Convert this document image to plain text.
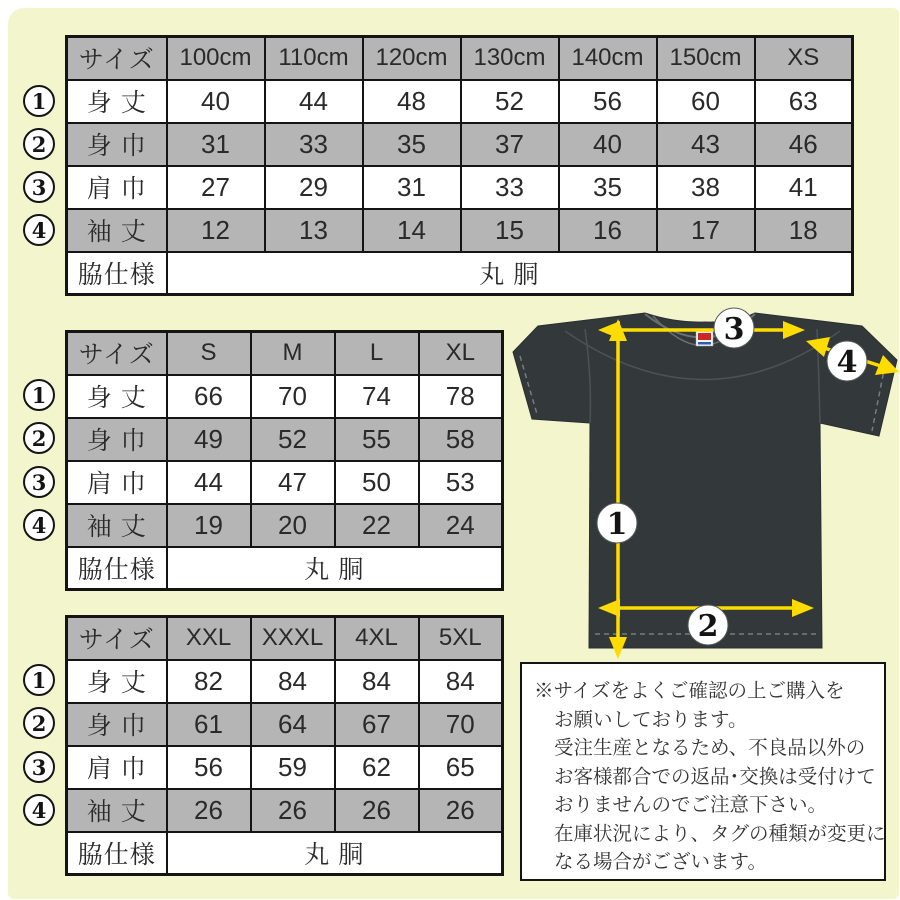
サイズ	100cm	110cm	120cm	130cm	140cm	150cm	XS
身 丈	40	44	48	52	56	60	63
身 巾	31	33	35	37	40	43	46
肩 巾	27	29	31	33	35	38	41
袖 丈	12	13	14	15	16	17	18
脇仕様	丸 胴						
サイズ	S	M	L	XL
身 丈	66	70	74	78
身 巾	49	52	55	58
肩 巾	44	47	50	53
袖 丈	19	20	22	24
脇仕様	丸 胴			
サイズ	XXL	XXXL	4XL	5XL
身 丈	82	84	84	84
身 巾	61	64	67	70
肩 巾	56	59	62	65
袖 丈	26	26	26	26
脇仕様	丸 胴			
1
2
3
4
1
2
3
4
1
2
3
4
1
2
3
4
※サイズをよくご確認の上ご購入を
お願いしております。
受注生産となるため、不良品以外の
お客様都合での返品･交換は受付けて
おりませんのでご注意下さい。
在庫状況により、タグの種類が変更に
なる場合がございます。
